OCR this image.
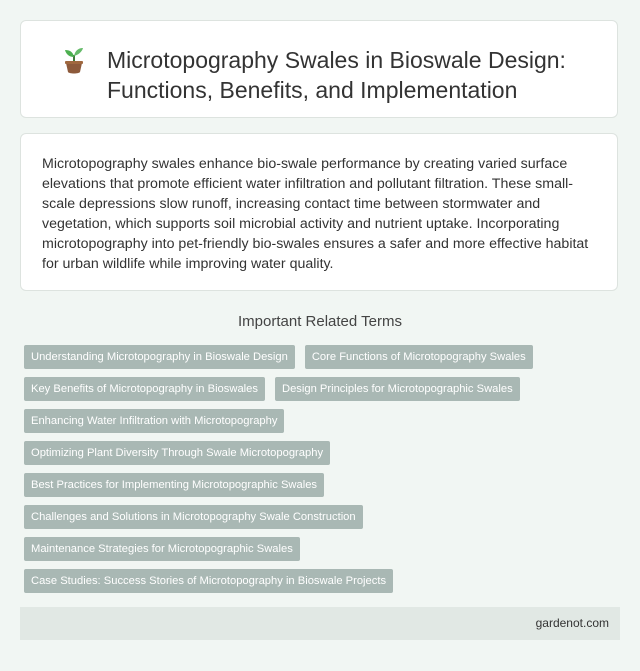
Microtopography Swales in Bioswale Design: Functions, Benefits, and Implementation

Microtopography swales enhance bio-swale performance by creating varied surface elevations that promote efficient water infiltration and pollutant filtration. These small-scale depressions slow runoff, increasing contact time between stormwater and vegetation, which supports soil microbial activity and nutrient uptake. Incorporating microtopography into pet-friendly bio-swales ensures a safer and more effective habitat for urban wildlife while improving water quality.

Important Related Terms
Understanding Microtopography in Bioswale Design	Core Functions of Microtopography Swales
Key Benefits of Microtopography in Bioswales	Design Principles for Microtopographic Swales
Enhancing Water Infiltration with Microtopography
Optimizing Plant Diversity Through Swale Microtopography
Best Practices for Implementing Microtopographic Swales
Challenges and Solutions in Microtopography Swale Construction
Maintenance Strategies for Microtopographic Swales
Case Studies: Success Stories of Microtopography in Bioswale Projects
gardenot.com
